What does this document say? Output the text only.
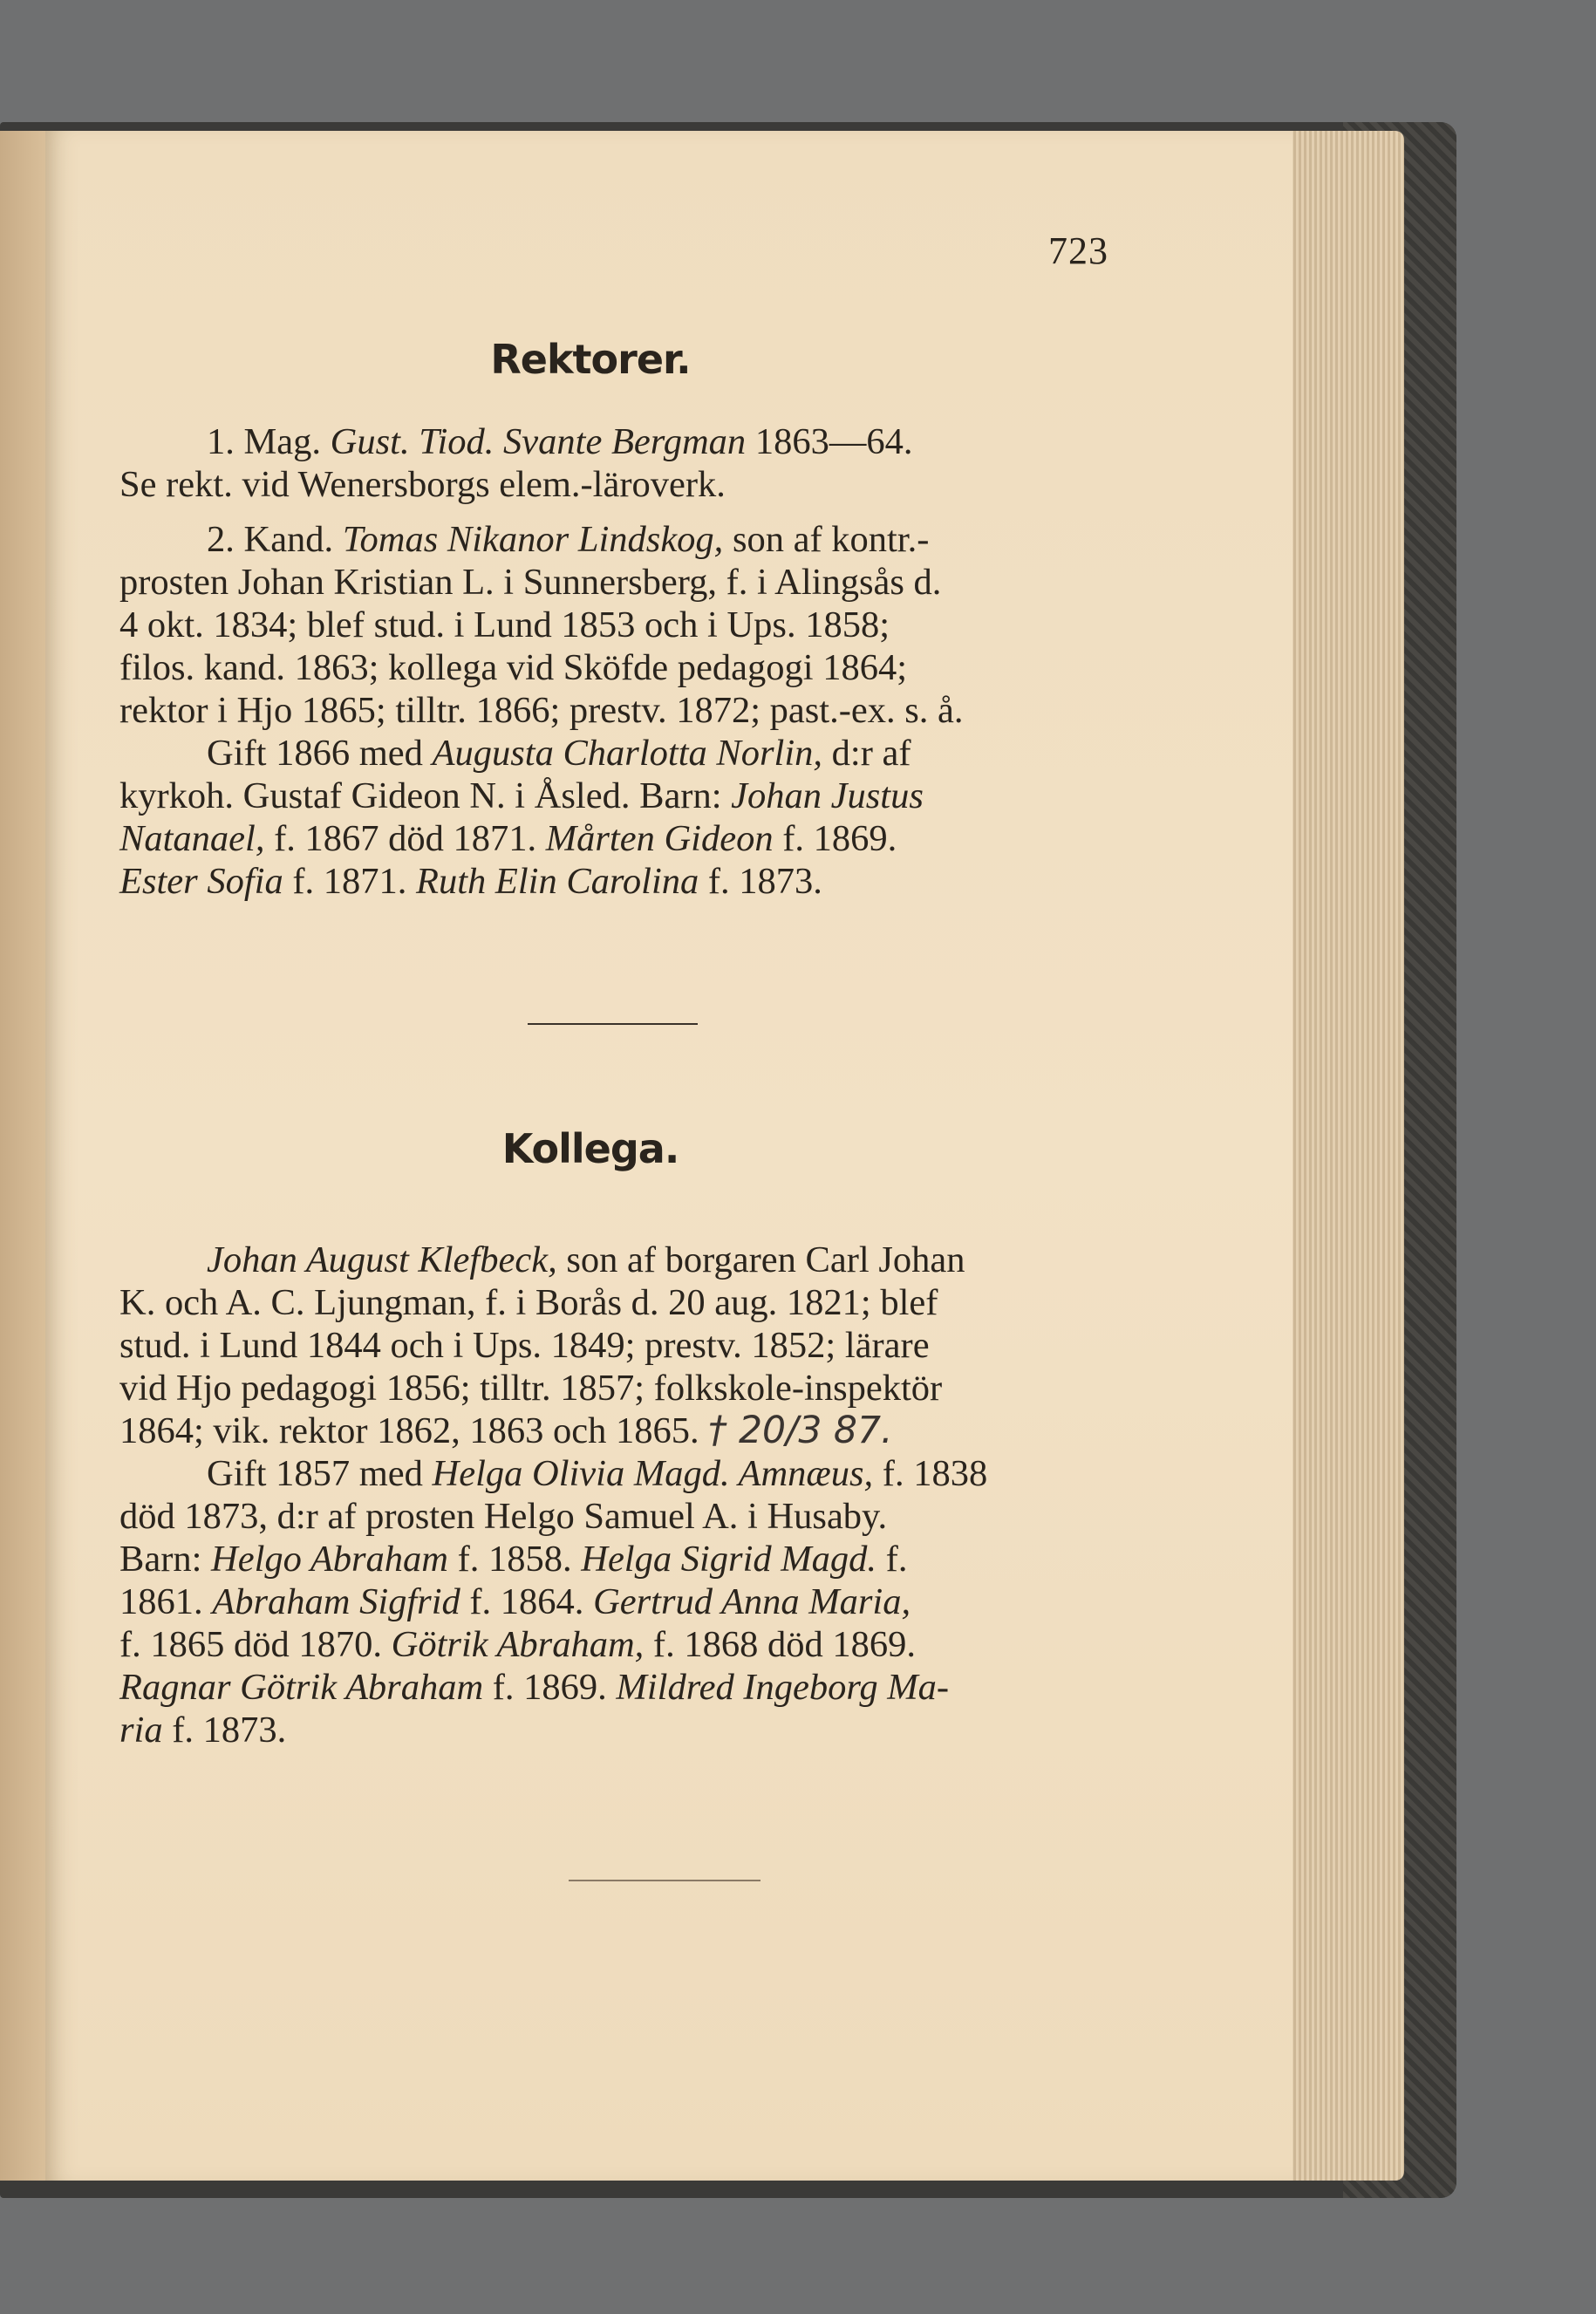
723
Rektorer.

1. Mag. Gust. Tiod. Svante Bergman 1863—64.
Se rekt. vid Wenersborgs elem.-läroverk.

2. Kand. Tomas Nikanor Lindskog, son af kontr.-
prosten Johan Kristian L. i Sunnersberg, f. i Alingsås d.
4 okt. 1834; blef stud. i Lund 1853 och i Ups. 1858;
filos. kand. 1863; kollega vid Sköfde pedagogi 1864;
rektor i Hjo 1865; tilltr. 1866; prestv. 1872; past.-ex. s. å.
Gift 1866 med Augusta Charlotta Norlin, d:r af
kyrkoh. Gustaf Gideon N. i Åsled. Barn: Johan Justus
Natanael, f. 1867 död 1871. Mårten Gideon f. 1869.
Ester Sofia f. 1871. Ruth Elin Carolina f. 1873.

Kollega.

Johan August Klefbeck, son af borgaren Carl Johan
K. och A. C. Ljungman, f. i Borås d. 20 aug. 1821; blef
stud. i Lund 1844 och i Ups. 1849; prestv. 1852; lärare
vid Hjo pedagogi 1856; tilltr. 1857; folkskole-inspektör
1864; vik. rektor 1862, 1863 och 1865. † 20/3 87.
Gift 1857 med Helga Olivia Magd. Amnæus, f. 1838
död 1873, d:r af prosten Helgo Samuel A. i Husaby.
Barn: Helgo Abraham f. 1858. Helga Sigrid Magd. f.
1861. Abraham Sigfrid f. 1864. Gertrud Anna Maria,
f. 1865 död 1870. Götrik Abraham, f. 1868 död 1869.
Ragnar Götrik Abraham f. 1869. Mildred Ingeborg Ma-
ria f. 1873.
